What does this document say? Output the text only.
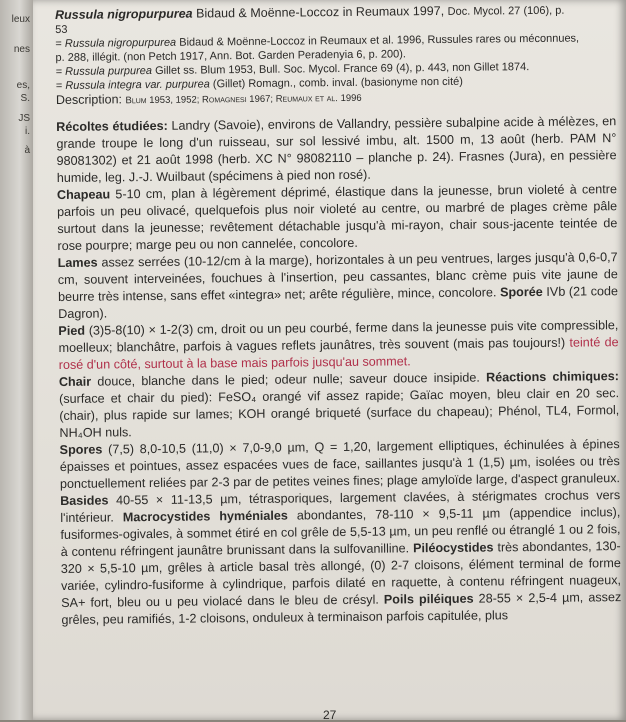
leux
nes
es,
S.
JS
i.
à
Russula nigropurpurea Bidaud & Moënne-Loccoz in Reumaux 1997, Doc. Mycol. 27 (106), p.
53
= Russula nigropurpurea Bidaud & Moënne-Loccoz in Reumaux et al. 1996, Russules rares ou méconnues,
p. 288, illégit. (non Petch 1917, Ann. Bot. Garden Peradenyia 6, p. 200).
= Russula purpurea Gillet ss. Blum 1953, Bull. Soc. Mycol. France 69 (4), p. 443, non Gillet 1874.
= Russula integra var. purpurea (Gillet) Romagn., comb. inval. (basionyme non cité)
Description: Blum 1953, 1952; Romagnesi 1967; Reumaux et al. 1996

Récoltes étudiées: Landry (Savoie), environs de Vallandry, pessière subalpine acide à mélèzes, en grande troupe le long d'un ruisseau, sur sol lessivé imbu, alt. 1500 m, 13 août (herb. PAM N° 98081302) et 21 août 1998 (herb. XC N° 98082110 – planche p. 24). Frasnes (Jura), en pessière humide, leg. J.-J. Wuilbaut (spécimens à pied non rosé).

Chapeau 5-10 cm, plan à légèrement déprimé, élastique dans la jeunesse, brun violeté à centre parfois un peu olivacé, quelquefois plus noir violeté au centre, ou marbré de plages crème pâle surtout dans la jeunesse; revêtement détachable jusqu'à mi-rayon, chair sous-jacente teintée de rose pourpre; marge peu ou non cannelée, concolore.

Lames assez serrées (10-12/cm à la marge), horizontales à un peu ventrues, larges jusqu'à 0,6-0,7 cm, souvent interveinées, fouchues à l'insertion, peu cassantes, blanc crème puis vite jaune de beurre très intense, sans effet «integra» net; arête régulière, mince, concolore. Sporée IVb (21 code Dagron).

Pied (3)5-8(10) × 1-2(3) cm, droit ou un peu courbé, ferme dans la jeunesse puis vite compressible, moelleux; blanchâtre, parfois à vagues reflets jaunâtres, très souvent (mais pas toujours!) teinté de rosé d'un côté, surtout à la base mais parfois jusqu'au sommet.

Chair douce, blanche dans le pied; odeur nulle; saveur douce insipide. Réactions chimiques: (surface et chair du pied): FeSO₄ orangé vif assez rapide; Gaïac moyen, bleu clair en 20 sec. (chair), plus rapide sur lames; KOH orangé briqueté (surface du chapeau); Phénol, TL4, Formol, NH₄OH nuls.

Spores (7,5) 8,0-10,5 (11,0) × 7,0-9,0 µm, Q = 1,20, largement elliptiques, échinulées à épines épaisses et pointues, assez espacées vues de face, saillantes jusqu'à 1 (1,5) µm, isolées ou très ponctuellement reliées par 2-3 par de petites veines fines; plage amyloïde large, d'aspect granuleux. Basides 40-55 × 11-13,5 µm, tétrasporiques, largement clavées, à stérigmates crochus vers l'intérieur. Macrocystides hyméniales abondantes, 78-110 × 9,5-11 µm (appendice inclus), fusiformes-ogivales, à sommet étiré en col grêle de 5,5-13 µm, un peu renflé ou étranglé 1 ou 2 fois, à contenu réfringent jaunâtre brunissant dans la sulfovanilline. Piléocystides très abondantes, 130-320 × 5,5-10 µm, grêles à article basal très allongé, (0) 2-7 cloisons, élément terminal de forme variée, cylindro-fusiforme à cylindrique, parfois dilaté en raquette, à contenu réfringent nuageux, SA+ fort, bleu ou u peu violacé dans le bleu de crésyl. Poils piléiques 28-55 × 2,5-4 µm, assez grêles, peu ramifiés, 1-2 cloisons, onduleux à terminaison parfois capitulée, plus

27
